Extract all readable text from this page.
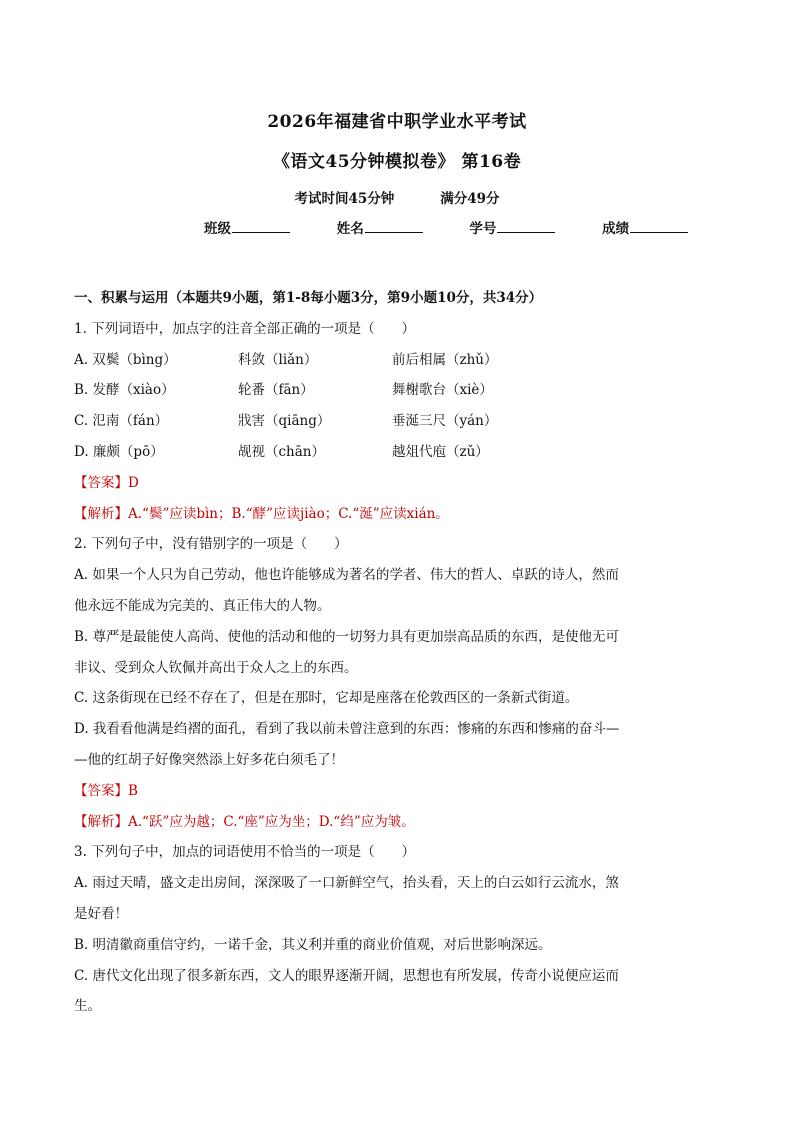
2026年福建省中职学业水平考试
《语文45分钟模拟卷》 第16卷
考试时间45分钟	满分49分
班级	姓名	学号	成绩
一、积累与运用（本题共9小题，第1-8每小题3分，第9小题10分，共34分）
1. 下列词语中，加点字的注音全部正确的一项是（　　）
A. 双鬓（bìng）	科敛（liǎn）	前后相属（zhǔ）
B. 发酵（xiào）	轮番（fān）	舞榭歌台（xiè）
C. 氾南（fán）	戕害（qiāng）	垂涎三尺（yán）
D. 廉颇（pō）	觇视（chān）	越俎代庖（zǔ）
【答案】D
【解析】A.“鬓”应读bìn；B.“酵”应读jiào；C.“涎”应读xián。
2. 下列句子中，没有错别字的一项是（　　）
A. 如果一个人只为自己劳动，他也许能够成为著名的学者、伟大的哲人、卓跃的诗人，然而
他永远不能成为完美的、真正伟大的人物。
B. 尊严是最能使人高尚、使他的活动和他的一切努力具有更加崇高品质的东西，是使他无可
非议、受到众人钦佩并高出于众人之上的东西。
C. 这条街现在已经不存在了，但是在那时，它却是座落在伦敦西区的一条新式街道。
D. 我看看他满是绉褶的面孔，看到了我以前未曾注意到的东西：惨痛的东西和惨痛的奋斗—
—他的红胡子好像突然添上好多花白须毛了！
【答案】B
【解析】A.“跃”应为越；C.“座”应为坐；D.“绉”应为皱。
3. 下列句子中，加点的词语使用不恰当的一项是（　　）
A. 雨过天晴，盛文走出房间，深深吸了一口新鲜空气，抬头看，天上的白云如行云流水，煞
是好看！
B. 明清徽商重信守约，一诺千金，其义利并重的商业价值观，对后世影响深远。
C. 唐代文化出现了很多新东西，文人的眼界逐渐开阔，思想也有所发展，传奇小说便应运而
生。
